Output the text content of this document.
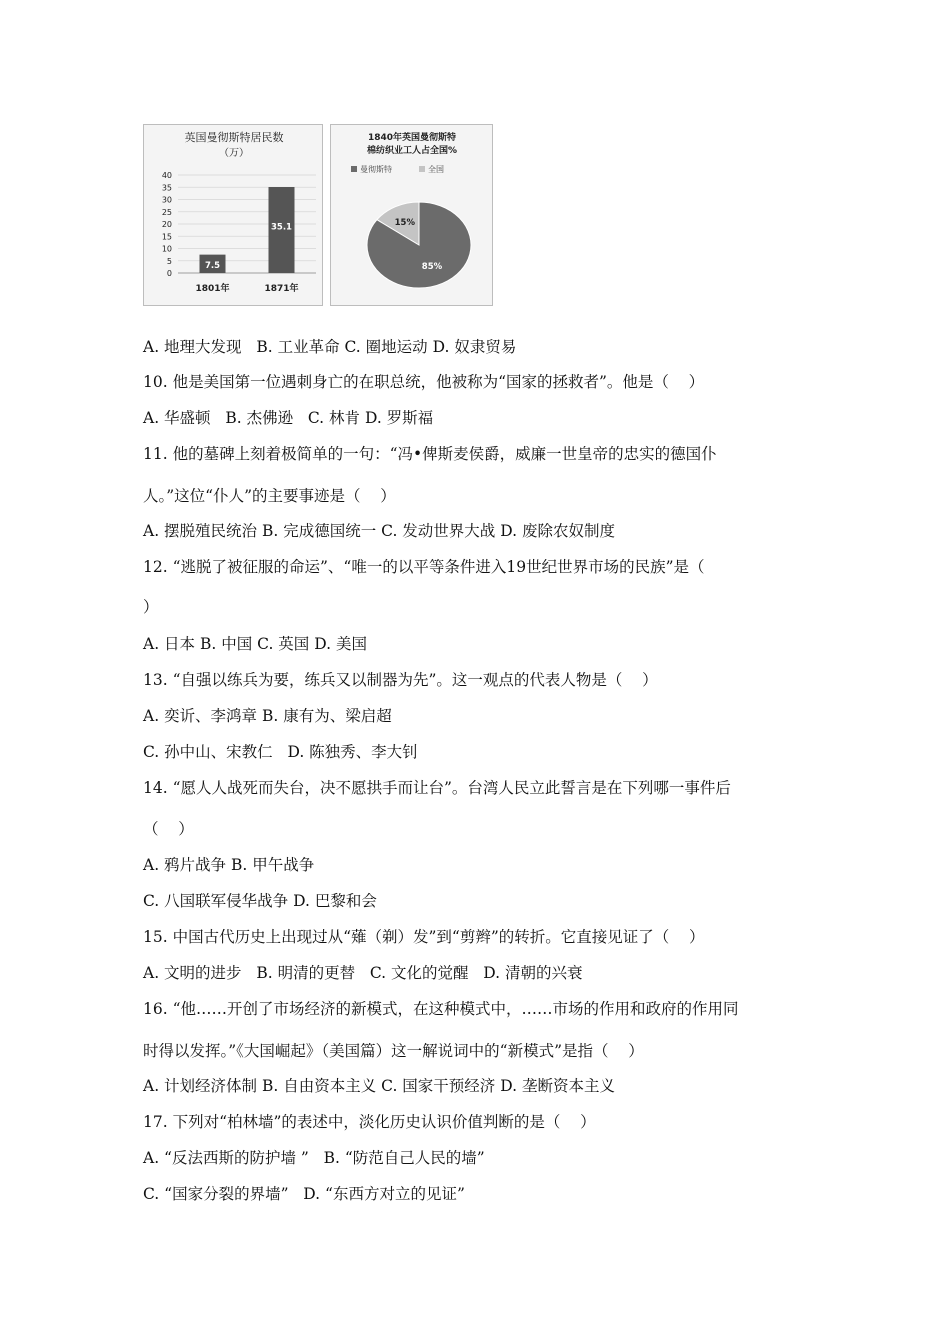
英国曼彻斯特居民数
（万）
0
5
10
15
20
25
30
35
40
7.5
1801年
35.1
1871年
1840年英国曼彻斯特
棉纺织业工人占全国%
曼彻斯特	全国
15%
85%
A. 地理大发现   B. 工业革命 C. 圈地运动 D. 奴隶贸易
10. 他是美国第一位遇刺身亡的在职总统，他被称为“国家的拯救者”。他是（    ）
A. 华盛顿   B. 杰佛逊   C. 林肯 D. 罗斯福
11. 他的墓碑上刻着极简单的一句：“冯•俾斯麦侯爵，威廉一世皇帝的忠实的德国仆
人。”这位“仆人”的主要事迹是（    ）
A. 摆脱殖民统治 B. 完成德国统一 C. 发动世界大战 D. 废除农奴制度
12. “逃脱了被征服的命运”、“唯一的以平等条件进入19世纪世界市场的民族”是（
）
A. 日本 B. 中国 C. 英国 D. 美国
13. “自强以练兵为要，练兵又以制器为先”。这一观点的代表人物是（    ）
A. 奕䜣、李鸿章 B. 康有为、梁启超
C. 孙中山、宋教仁   D. 陈独秀、李大钊
14. “愿人人战死而失台，决不愿拱手而让台”。台湾人民立此誓言是在下列哪一事件后
（    ）
A. 鸦片战争 B. 甲午战争
C. 八国联军侵华战争 D. 巴黎和会
15. 中国古代历史上出现过从“薙（剃）发”到“剪辫”的转折。它直接见证了（    ）
A. 文明的进步   B. 明清的更替   C. 文化的觉醒   D. 清朝的兴衰
16. “他……开创了市场经济的新模式，在这种模式中，……市场的作用和政府的作用同
时得以发挥。”《大国崛起》（美国篇）这一解说词中的“新模式”是指（    ）
A. 计划经济体制 B. 自由资本主义 C. 国家干预经济 D. 垄断资本主义
17. 下列对“柏林墙”的表述中，淡化历史认识价值判断的是（    ）
A. “反法西斯的防护墙 ”   B. “防范自己人民的墙”
C. “国家分裂的界墙”   D. “东西方对立的见证”
